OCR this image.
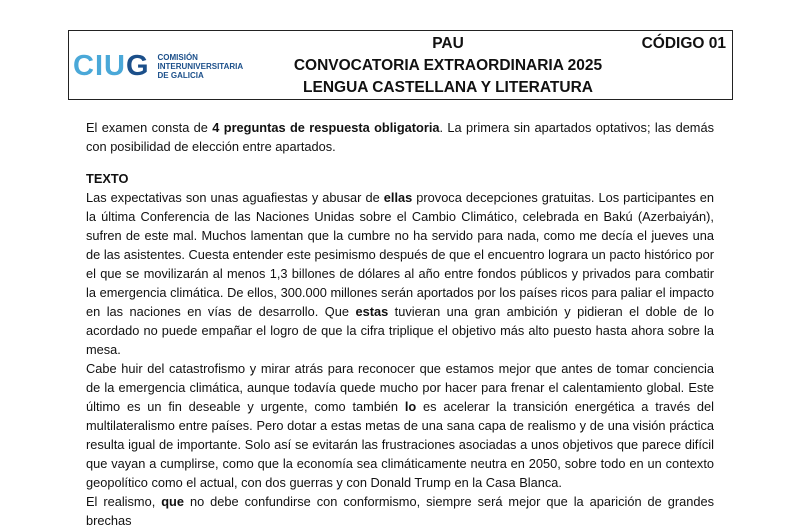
CIUG COMISIÓN
INTERUNIVERSITARIA
DE GALICIA
PAU	CÓDIGO 01
CONVOCATORIA EXTRAORDINARIA 2025
LENGUA CASTELLANA Y LITERATURA

El examen consta de 4 preguntas de respuesta obligatoria. La primera sin apartados optativos; las demás con posibilidad de elección entre apartados.

TEXTO

Las expectativas son unas aguafiestas y abusar de ellas provoca decepciones gratuitas. Los participantes en la última Conferencia de las Naciones Unidas sobre el Cambio Climático, celebrada en Bakú (Azerbaiyán), sufren de este mal. Muchos lamentan que la cumbre no ha servido para nada, como me decía el jueves una de las asistentes. Cuesta entender este pesimismo después de que el encuentro lograra un pacto histórico por el que se movilizarán al menos 1,3 billones de dólares al año entre fondos públicos y privados para combatir la emergencia climática. De ellos, 300.000 millones serán aportados por los países ricos para paliar el impacto en las naciones en vías de desarrollo. Que estas tuvieran una gran ambición y pidieran el doble de lo acordado no puede empañar el logro de que la cifra triplique el objetivo más alto puesto hasta ahora sobre la mesa.

Cabe huir del catastrofismo y mirar atrás para reconocer que estamos mejor que antes de tomar conciencia de la emergencia climática, aunque todavía quede mucho por hacer para frenar el calentamiento global. Este último es un fin deseable y urgente, como también lo es acelerar la transición energética a través del multilateralismo entre países. Pero dotar a estas metas de una sana capa de realismo y de una visión práctica resulta igual de importante. Solo así se evitarán las frustraciones asociadas a unos objetivos que parece difícil que vayan a cumplirse, como que la economía sea climáticamente neutra en 2050, sobre todo en un contexto geopolítico como el actual, con dos guerras y con Donald Trump en la Casa Blanca.

El realismo, que no debe confundirse con conformismo, siempre será mejor que la aparición de grandes brechas
